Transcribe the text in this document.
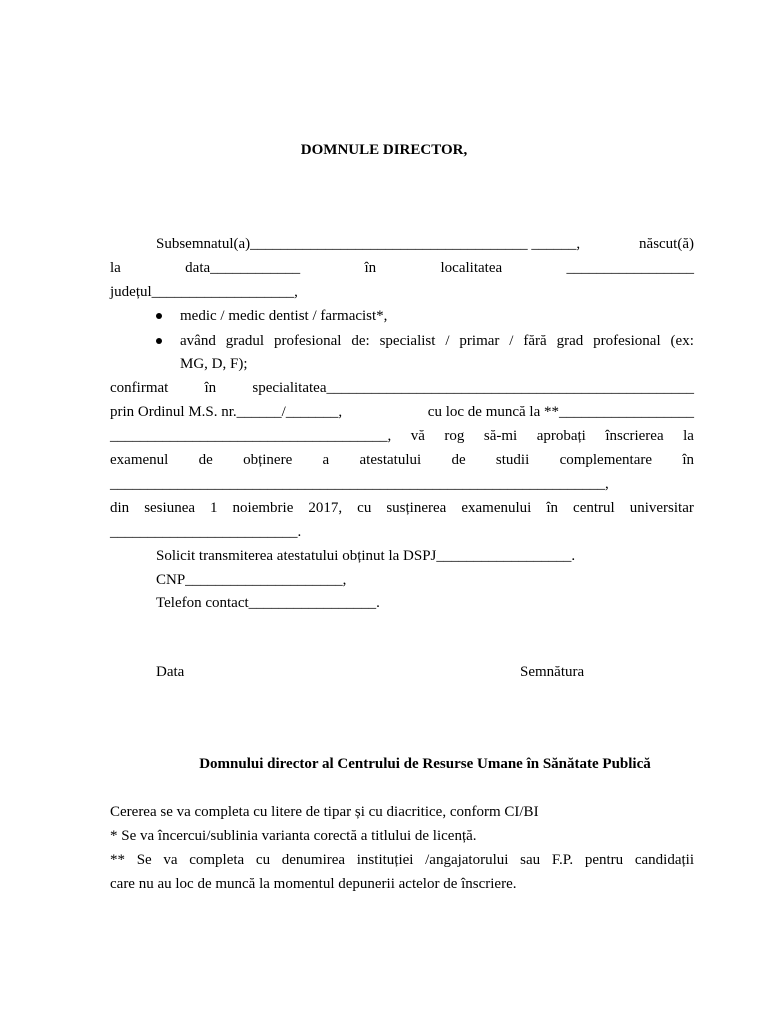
DOMNULE DIRECTOR,
Subsemnatul(a)_____________________________________ ______,	născut(ă)
la	data____________	în	localitatea	_________________
județul___________________,
medic / medic dentist / farmacist*,
având gradul profesional de: specialist / primar / fără grad profesional (ex:
MG, D, F);
confirmat în specialitatea_________________________________________________
prin Ordinul M.S. nr.______/_______,	cu loc de muncă la **__________________
_____________________________________, vă rog să-mi aprobați înscrierea la
examenul de obținere a atestatului de studii complementare în
__________________________________________________________________,
din sesiunea 1 noiembrie 2017, cu susținerea examenului în centrul universitar
_________________________.
Solicit transmiterea atestatului obținut la DSPJ__________________.
CNP_____________________,
Telefon contact_________________.
Data	Semnătura
Domnului director al Centrului de Resurse Umane în Sănătate Publică
Cererea se va completa cu litere de tipar și cu diacritice, conform CI/BI
* Se va încercui/sublinia varianta corectă a titlului de licență.
** Se va completa cu denumirea instituției /angajatorului sau F.P. pentru candidații
care nu au loc de muncă la momentul depunerii actelor de înscriere.
